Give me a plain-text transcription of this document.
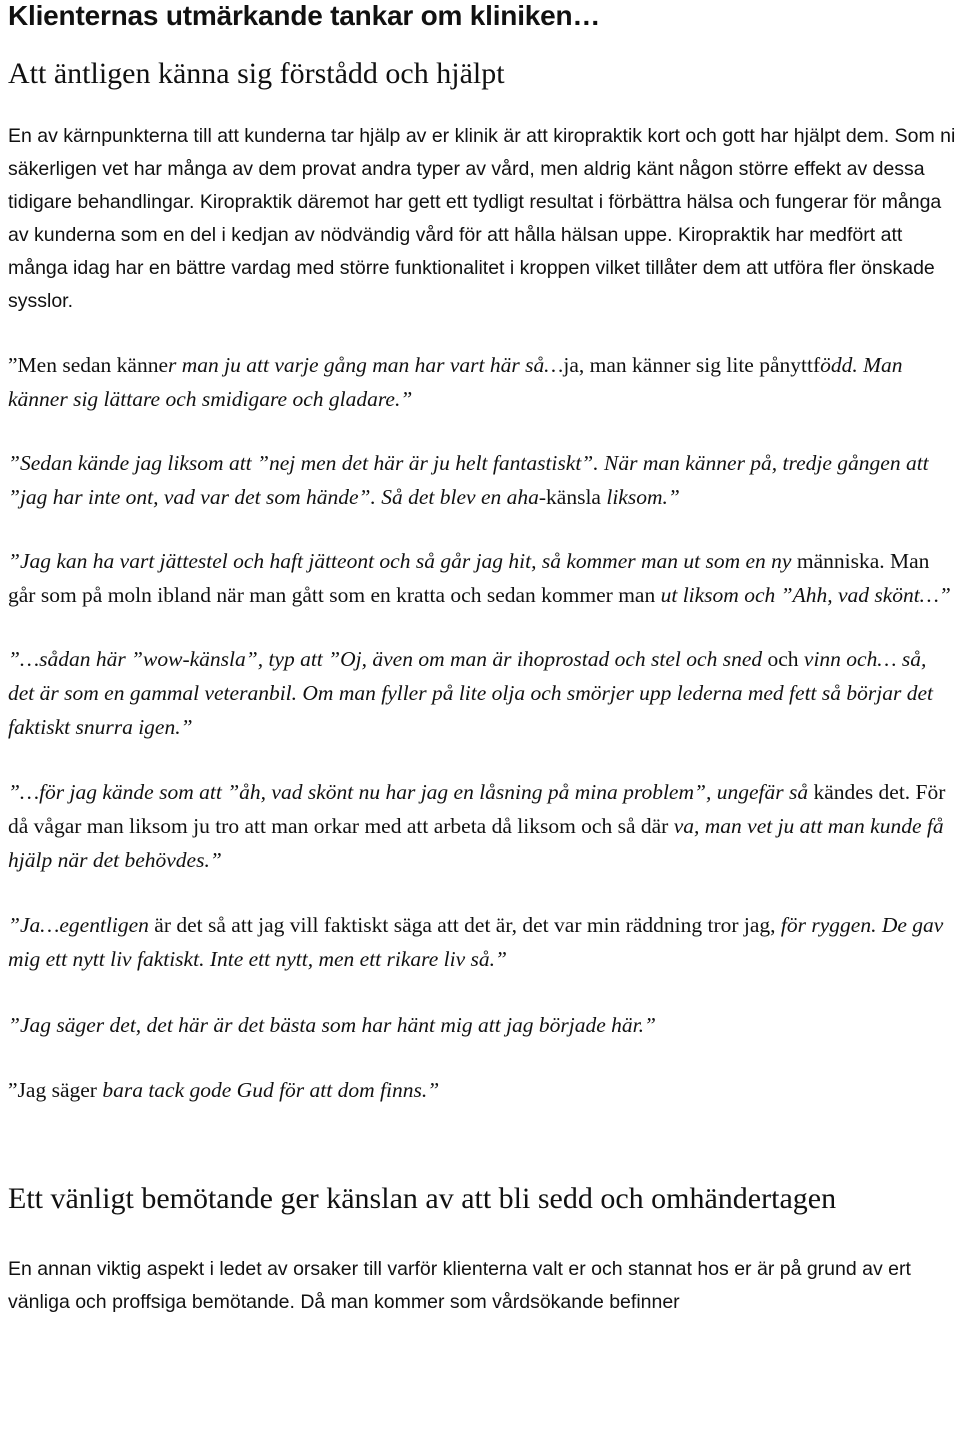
Klienternas utmärkande tankar om kliniken…
Att äntligen känna sig förstådd och hjälpt

En av kärnpunkterna till att kunderna tar hjälp av er klinik är att kiropraktik kort och gott har hjälpt dem. Som ni säkerligen vet har många av dem provat andra typer av vård, men aldrig känt någon större effekt av dessa tidigare behandlingar. Kiropraktik däremot har gett ett tydligt resultat i förbättra hälsa och fungerar för många av kunderna som en del i kedjan av nödvändig vård för att hålla hälsan uppe. Kiropraktik har medfört att många idag har en bättre vardag med större funktionalitet i kroppen vilket tillåter dem att utföra fler önskade sysslor.

”Men sedan känner man ju att varje gång man har vart här så…ja, man känner sig lite pånyttfödd. Man känner sig lättare och smidigare och gladare.”

”Sedan kände jag liksom att ”nej men det här är ju helt fantastiskt”. När man känner på, tredje gången att ”jag har inte ont, vad var det som hände”. Så det blev en aha-känsla liksom.”

”Jag kan ha vart jättestel och haft jätteont och så går jag hit, så kommer man ut som en ny människa. Man går som på moln ibland när man gått som en kratta och sedan kommer man ut liksom och ”Ahh, vad skönt…”

”…sådan här ”wow-känsla”, typ att ”Oj, även om man är ihoprostad och stel och sned och vinn och… så, det är som en gammal veteranbil. Om man fyller på lite olja och smörjer upp lederna med fett så börjar det faktiskt snurra igen.”

”…för jag kände som att ”åh, vad skönt nu har jag en låsning på mina problem”, ungefär så kändes det. För då vågar man liksom ju tro att man orkar med att arbeta då liksom och så där va, man vet ju att man kunde få hjälp när det behövdes.”

”Ja…egentligen är det så att jag vill faktiskt säga att det är, det var min räddning tror jag, för ryggen. De gav mig ett nytt liv faktiskt. Inte ett nytt, men ett rikare liv så.”

”Jag säger det, det här är det bästa som har hänt mig att jag började här.”

”Jag säger bara tack gode Gud för att dom finns.”

Ett vänligt bemötande ger känslan av att bli sedd och omhändertagen

En annan viktig aspekt i ledet av orsaker till varför klienterna valt er och stannat hos er är på grund av ert vänliga och proffsiga bemötande. Då man kommer som vårdsökande befinner
